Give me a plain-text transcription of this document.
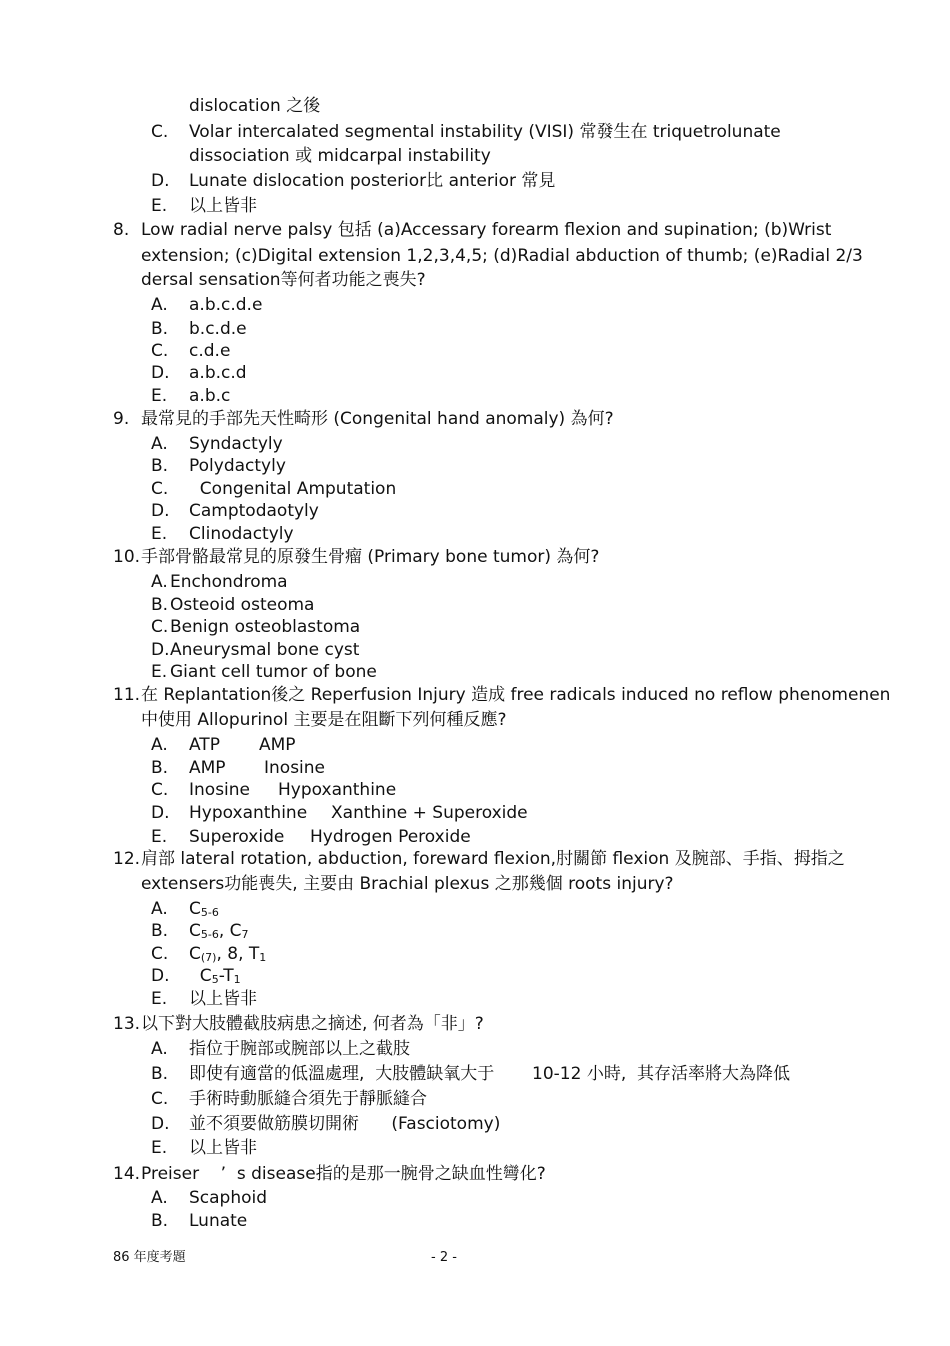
dislocation 之後
C. Volar intercalated segmental instability (VISI) 常發生在 triquetrolunate
dissociation 或 midcarpal instability
D. Lunate dislocation posterior比 anterior 常見
E. 以上皆非
8. Low radial nerve palsy 包括 (a)Accessary forearm flexion and supination; (b)Wrist
extension; (c)Digital extension 1,2,3,4,5; (d)Radial abduction of thumb; (e)Radial 2/3
dersal sensation等何者功能之喪失?
A. a.b.c.d.e
B. b.c.d.e
C. c.d.e
D. a.b.c.d
E. a.b.c
9. 最常見的手部先天性畸形 (Congenital hand anomaly) 為何?
A. Syndactyly
B. Polydactyly
C.  Congenital Amputation
D. Camptodaotyly
E. Clinodactyly
10.手部骨骼最常見的原發生骨瘤 (Primary bone tumor) 為何?
A. Enchondroma
B. Osteoid osteoma
C. Benign osteoblastoma
D.Aneurysmal bone cyst
E. Giant cell tumor of bone
11.在 Replantation後之 Reperfusion Injury 造成 free radicals induced no reflow phenomenen
中使用 Allopurinol 主要是在阻斷下列何種反應?
A. ATP AMP
B. AMP Inosine
C. Inosine Hypoxanthine
D. Hypoxanthine Xanthine + Superoxide
E. Superoxide Hydrogen Peroxide
12.肩部 lateral rotation, abduction, foreward flexion,肘關節 flexion 及腕部、手指、拇指之
extensers功能喪失, 主要由 Brachial plexus 之那幾個 roots injury?
A. $C_{5-6}$
B. $C_{5-6}$, $C_7$
C. $C_{(7)}$, 8, $T_1$
D.  $C_5-T_1$
E. 以上皆非
13.以下對大肢體截肢病患之摘述, 何者為「非」?
A. 指位于腕部或腕部以上之截肢
B. 即使有適當的低溫處理,  大肢體缺氧大于       10-12 小時,  其存活率將大為降低
C. 手術時動脈縫合須先于靜脈縫合
D. 並不須要做筋膜切開術      (Fasciotomy)
E. 以上皆非
14.Preiser    ’  s disease指的是那一腕骨之缺血性彎化?
A. Scaphoid
B. Lunate
86 年度考題	- 2 -
